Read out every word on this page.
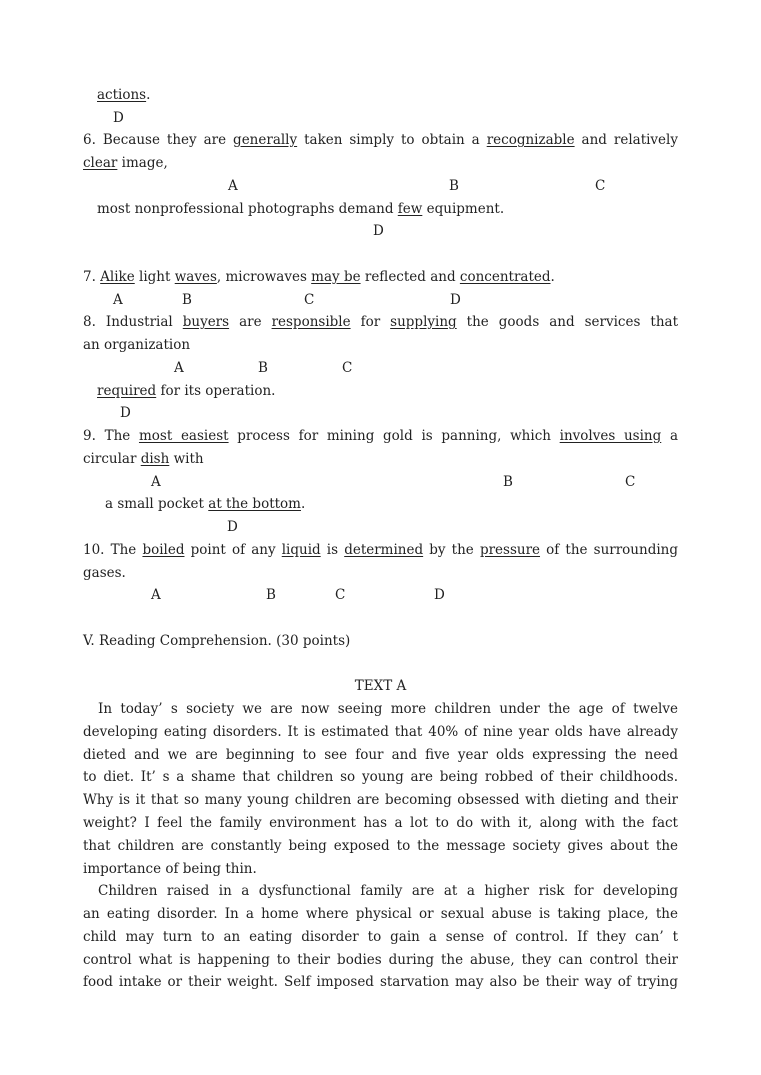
actions.
D
6. Because they are generally taken simply to obtain a recognizable and relatively
clear image,
A	B	C
most nonprofessional photographs demand few equipment.
D
7. Alike light waves, microwaves may be reflected and concentrated.
A	B	C	D
8. Industrial buyers are responsible for supplying the goods and services that
an organization
A	B	C
required for its operation.
D
9. The most easiest process for mining gold is panning, which involves using a
circular dish with
A	B	C
a small pocket at the bottom.
D
10. The boiled point of any liquid is determined by the pressure of the surrounding
gases.
A	B	C	D
V. Reading Comprehension. (30 points)
TEXT A
In today’ s society we are now seeing more children under the age of twelve
developing eating disorders. It is estimated that 40% of nine year olds have already
dieted and we are beginning to see four and five year olds expressing the need
to diet. It’ s a shame that children so young are being robbed of their childhoods.
Why is it that so many young children are becoming obsessed with dieting and their
weight? I feel the family environment has a lot to do with it, along with the fact
that children are constantly being exposed to the message society gives about the
importance of being thin.
Children raised in a dysfunctional family are at a higher risk for developing
an eating disorder. In a home where physical or sexual abuse is taking place, the
child may turn to an eating disorder to gain a sense of control. If they can’ t
control what is happening to their bodies during the abuse, they can control their
food intake or their weight. Self imposed starvation may also be their way of trying
